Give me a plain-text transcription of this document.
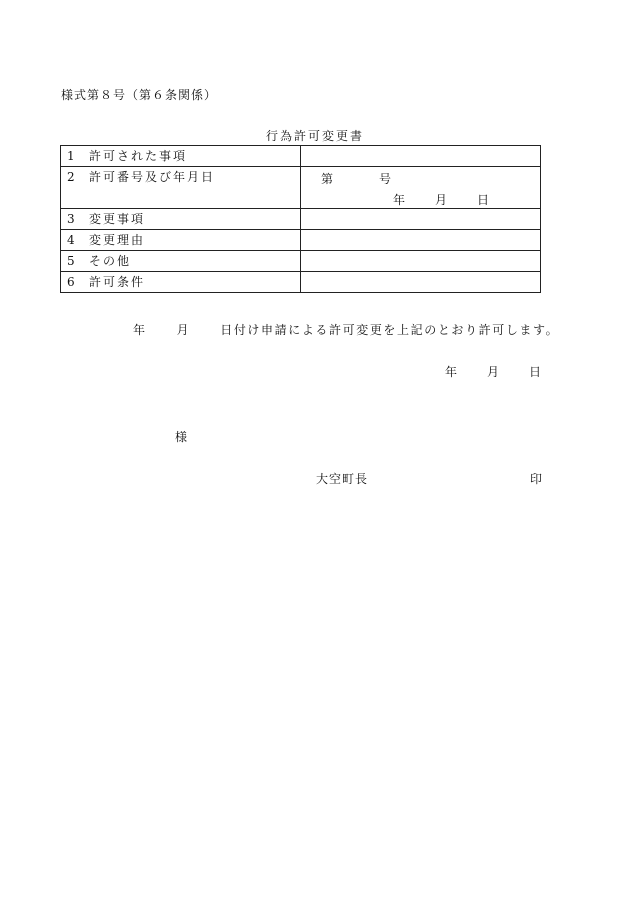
様式第８号（第６条関係）
行為許可変更書
1 許可された事項	
2 許可番号及び年月日	第 号
年 月 日

3 変更事項	
4 変更理由	
5 その他	
6 許可条件	
年	月	日付け申請による許可変更を上記のとおり許可します。
年	月	日
様
大空町長	印
